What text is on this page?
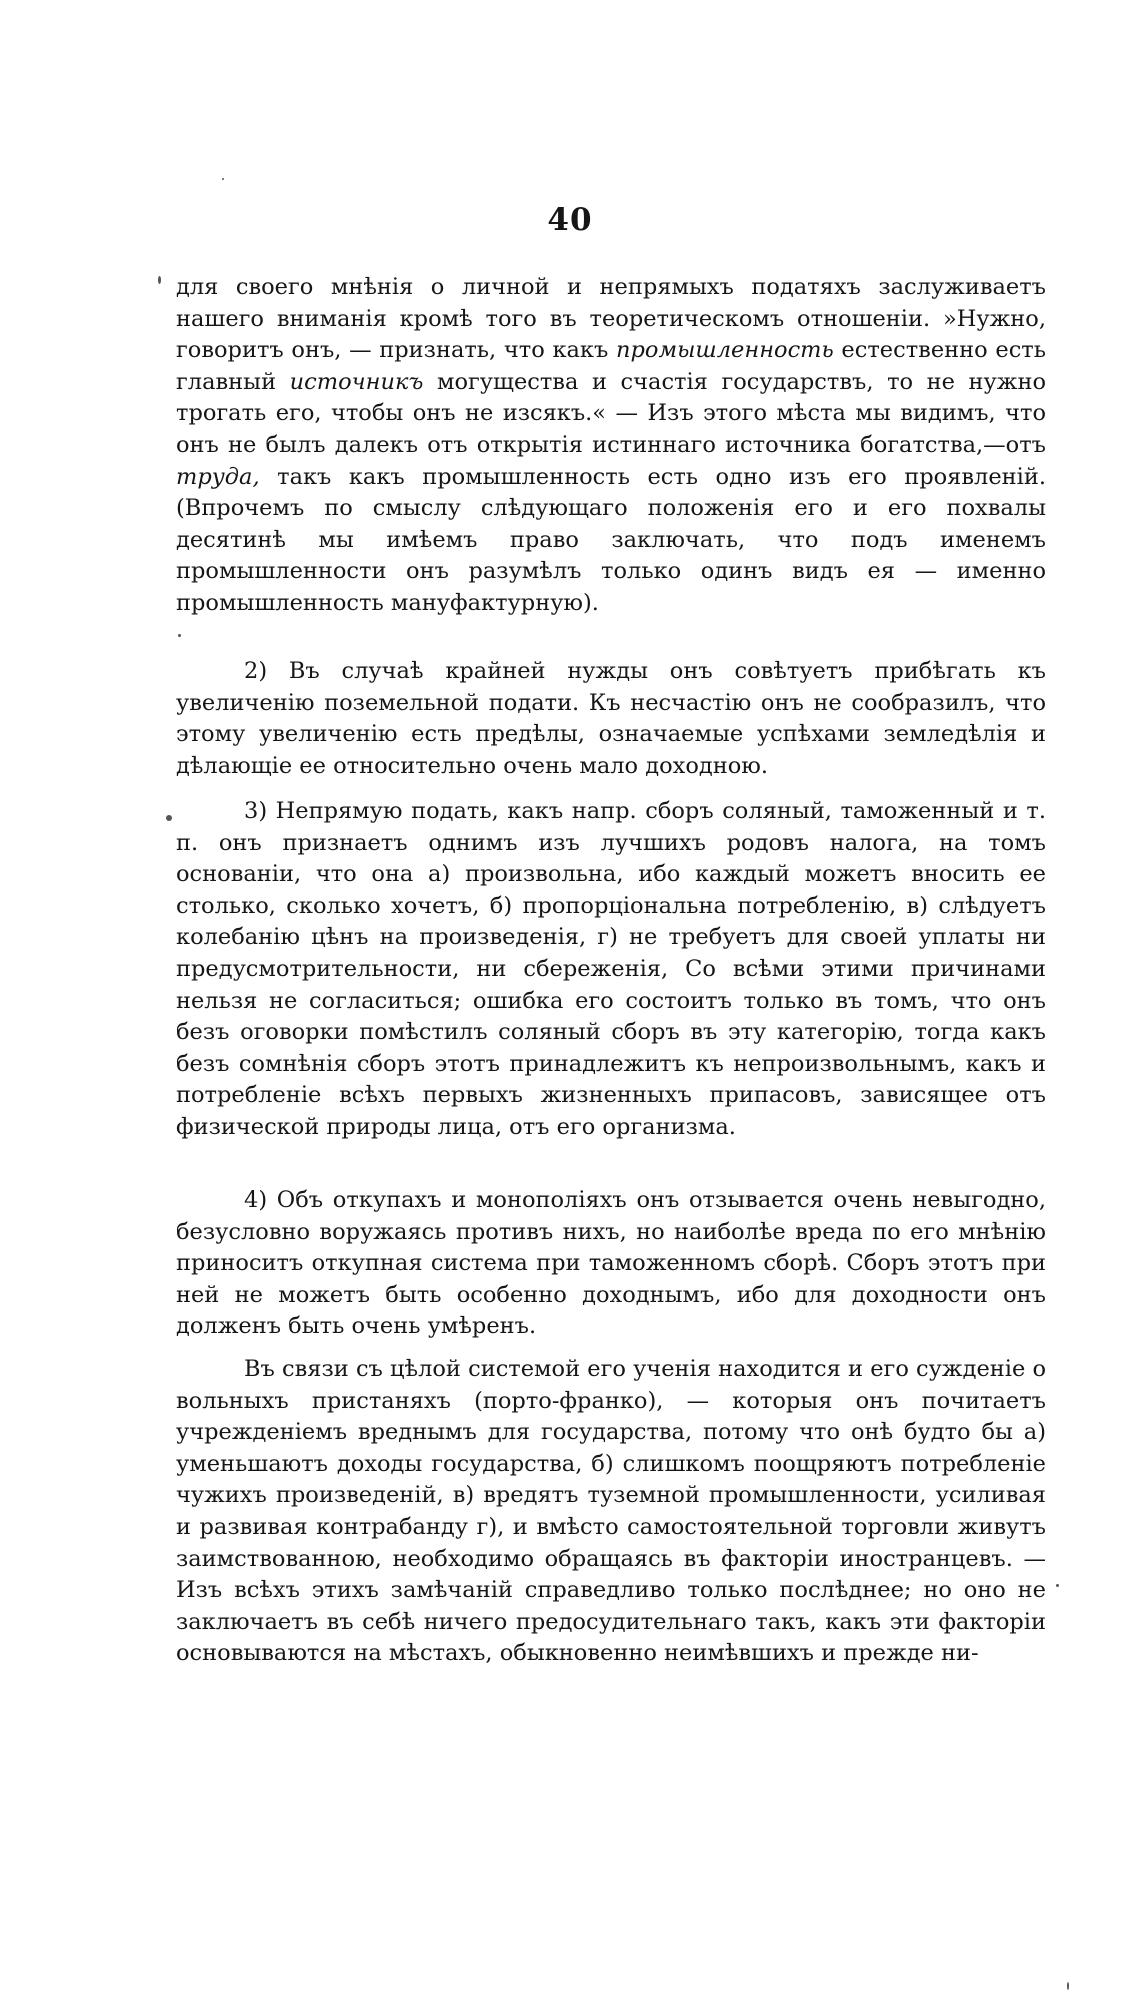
40

для своего мнѣнія о личной и непрямыхъ податяхъ заслуживаетъ нашего вниманія кромѣ того въ теоретическомъ отношеніи. »Нужно, говоритъ онъ, — признать, что какъ промышленность естественно есть главный источникъ могущества и счастія государствъ, то не нужно трогать его, чтобы онъ не изсякъ.« — Изъ этого мѣста мы видимъ, что онъ не былъ далекъ отъ открытія истиннаго источника богатства,—отъ труда, такъ какъ промышленность есть одно изъ его проявленій. (Впрочемъ по смыслу слѣдующаго положенія его и его похвалы десятинѣ мы имѣемъ право заключать, что подъ именемъ промышленности онъ разумѣлъ только одинъ видъ ея — именно промышленность мануфактурную).

2) Въ случаѣ крайней нужды онъ совѣтуетъ прибѣгать къ увеличенію поземельной подати. Къ несчастію онъ не сообразилъ, что этому увеличенію есть предѣлы, означаемые успѣхами земледѣлія и дѣлающіе ее относительно очень мало доходною.

3) Непрямую подать, какъ напр. сборъ соляный, таможенный и т. п. онъ признаетъ однимъ изъ лучшихъ родовъ налога, на томъ основаніи, что она а) произвольна, ибо каждый можетъ вносить ее столько, сколько хочетъ, б) пропорціональна потребленію, в) слѣдуетъ колебанію цѣнъ на произведенія, г) не требуетъ для своей уплаты ни предусмотрительности, ни сбереженія, Со всѣми этими причинами нельзя не согласиться; ошибка его состоитъ только въ томъ, что онъ безъ оговорки помѣстилъ соляный сборъ въ эту категорію, тогда какъ безъ сомнѣнія сборъ этотъ принадлежитъ къ непроизвольнымъ, какъ и потребленіе всѣхъ первыхъ жизненныхъ припасовъ, зависящее отъ физической природы лица, отъ его организма.

4) Объ откупахъ и монополіяхъ онъ отзывается очень невыгодно, безусловно воружаясь противъ нихъ, но наиболѣе вреда по его мнѣнію приноситъ откупная система при таможенномъ сборѣ. Сборъ этотъ при ней не можетъ быть особенно доходнымъ, ибо для доходности онъ долженъ быть очень умѣренъ.

Въ связи съ цѣлой системой его ученія находится и его сужденіе о вольныхъ пристаняхъ (порто-франко), — которыя онъ почитаетъ учрежденіемъ вреднымъ для государства, потому что онѣ будто бы а) уменьшаютъ доходы государства, б) слишкомъ поощряютъ потребленіе чужихъ произведеній, в) вредятъ туземной промышленности, усиливая и развивая контрабанду г), и вмѣсто самостоятельной торговли живутъ заимствованною, необходимо обращаясь въ факторіи иностранцевъ. — Изъ всѣхъ этихъ замѣчаній справедливо только послѣднее; но оно не заключаетъ въ себѣ ничего предосудительнаго такъ, какъ эти факторіи основываются на мѣстахъ, обыкновенно неимѣвшихъ и прежде ни-
